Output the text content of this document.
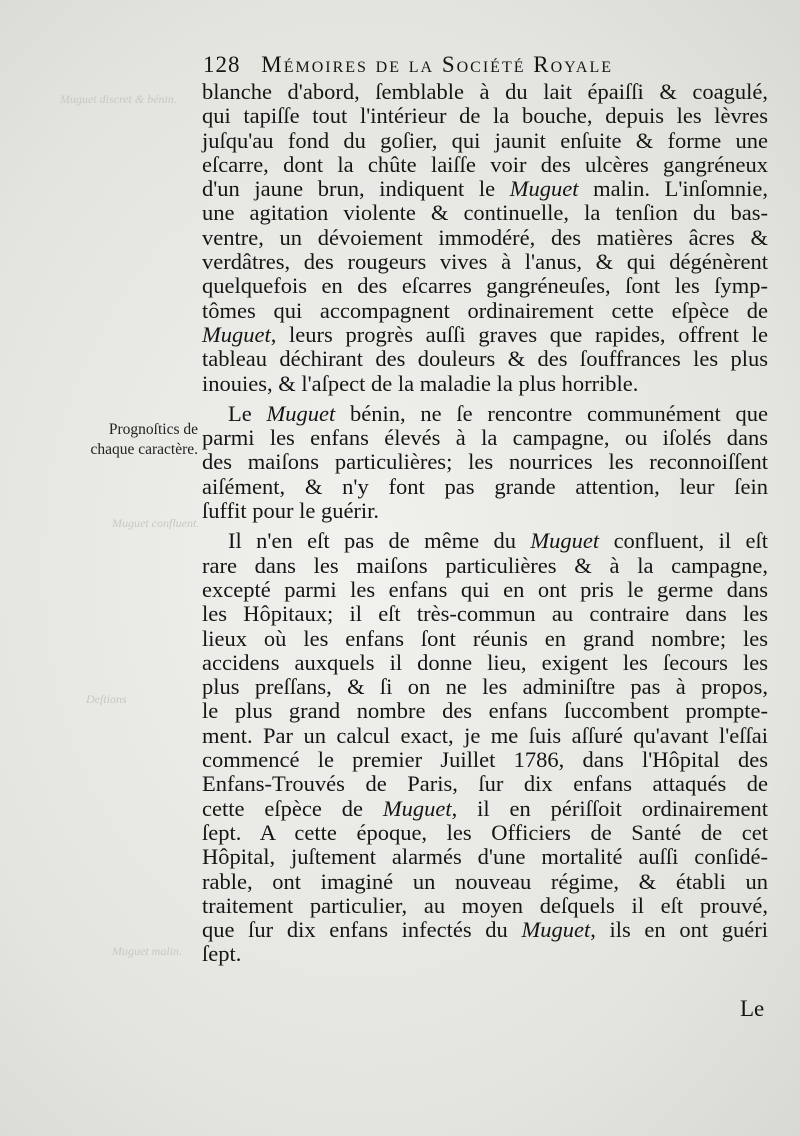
Muguet discret & bénin.
Muguet confluent.
Deſtions
Muguet malin.
128 Mémoires de la Société Royale
Prognoſtics de
chaque caractère.
blanche d'abord, ſemblable à du lait épaiſſi & coagulé,
qui tapiſſe tout l'intérieur de la bouche, depuis les lèvres
juſqu'au fond du goſier, qui jaunit enſuite & forme une
eſcarre, dont la chûte laiſſe voir des ulcères gangréneux
d'un jaune brun, indiquent le Muguet malin. L'inſomnie,
une agitation violente & continuelle, la tenſion du bas-
ventre, un dévoiement immodéré, des matières âcres &
verdâtres, des rougeurs vives à l'anus, & qui dégénèrent
quelquefois en des eſcarres gangréneuſes, ſont les ſymp-
tômes qui accompagnent ordinairement cette eſpèce de
Muguet, leurs progrès auſſi graves que rapides, offrent le
tableau déchirant des douleurs & des ſouffrances les plus
inouies, & l'aſpect de la maladie la plus horrible.
Le Muguet bénin, ne ſe rencontre communément que
parmi les enfans élevés à la campagne, ou iſolés dans
des maiſons particulières; les nourrices les reconnoiſſent
aiſément, & n'y font pas grande attention, leur ſein
ſuffit pour le guérir.
Il n'en eſt pas de même du Muguet confluent, il eſt
rare dans les maiſons particulières & à la campagne,
excepté parmi les enfans qui en ont pris le germe dans
les Hôpitaux; il eſt très-commun au contraire dans les
lieux où les enfans ſont réunis en grand nombre; les
accidens auxquels il donne lieu, exigent les ſecours les
plus preſſans, & ſi on ne les adminiſtre pas à propos,
le plus grand nombre des enfans ſuccombent prompte-
ment. Par un calcul exact, je me ſuis aſſuré qu'avant l'eſſai
commencé le premier Juillet 1786, dans l'Hôpital des
Enfans-Trouvés de Paris, ſur dix enfans attaqués de
cette eſpèce de Muguet, il en périſſoit ordinairement
ſept. A cette époque, les Officiers de Santé de cet
Hôpital, juſtement alarmés d'une mortalité auſſi conſidé-
rable, ont imaginé un nouveau régime, & établi un
traitement particulier, au moyen deſquels il eſt prouvé,
que ſur dix enfans infectés du Muguet, ils en ont guéri
ſept.
Le
